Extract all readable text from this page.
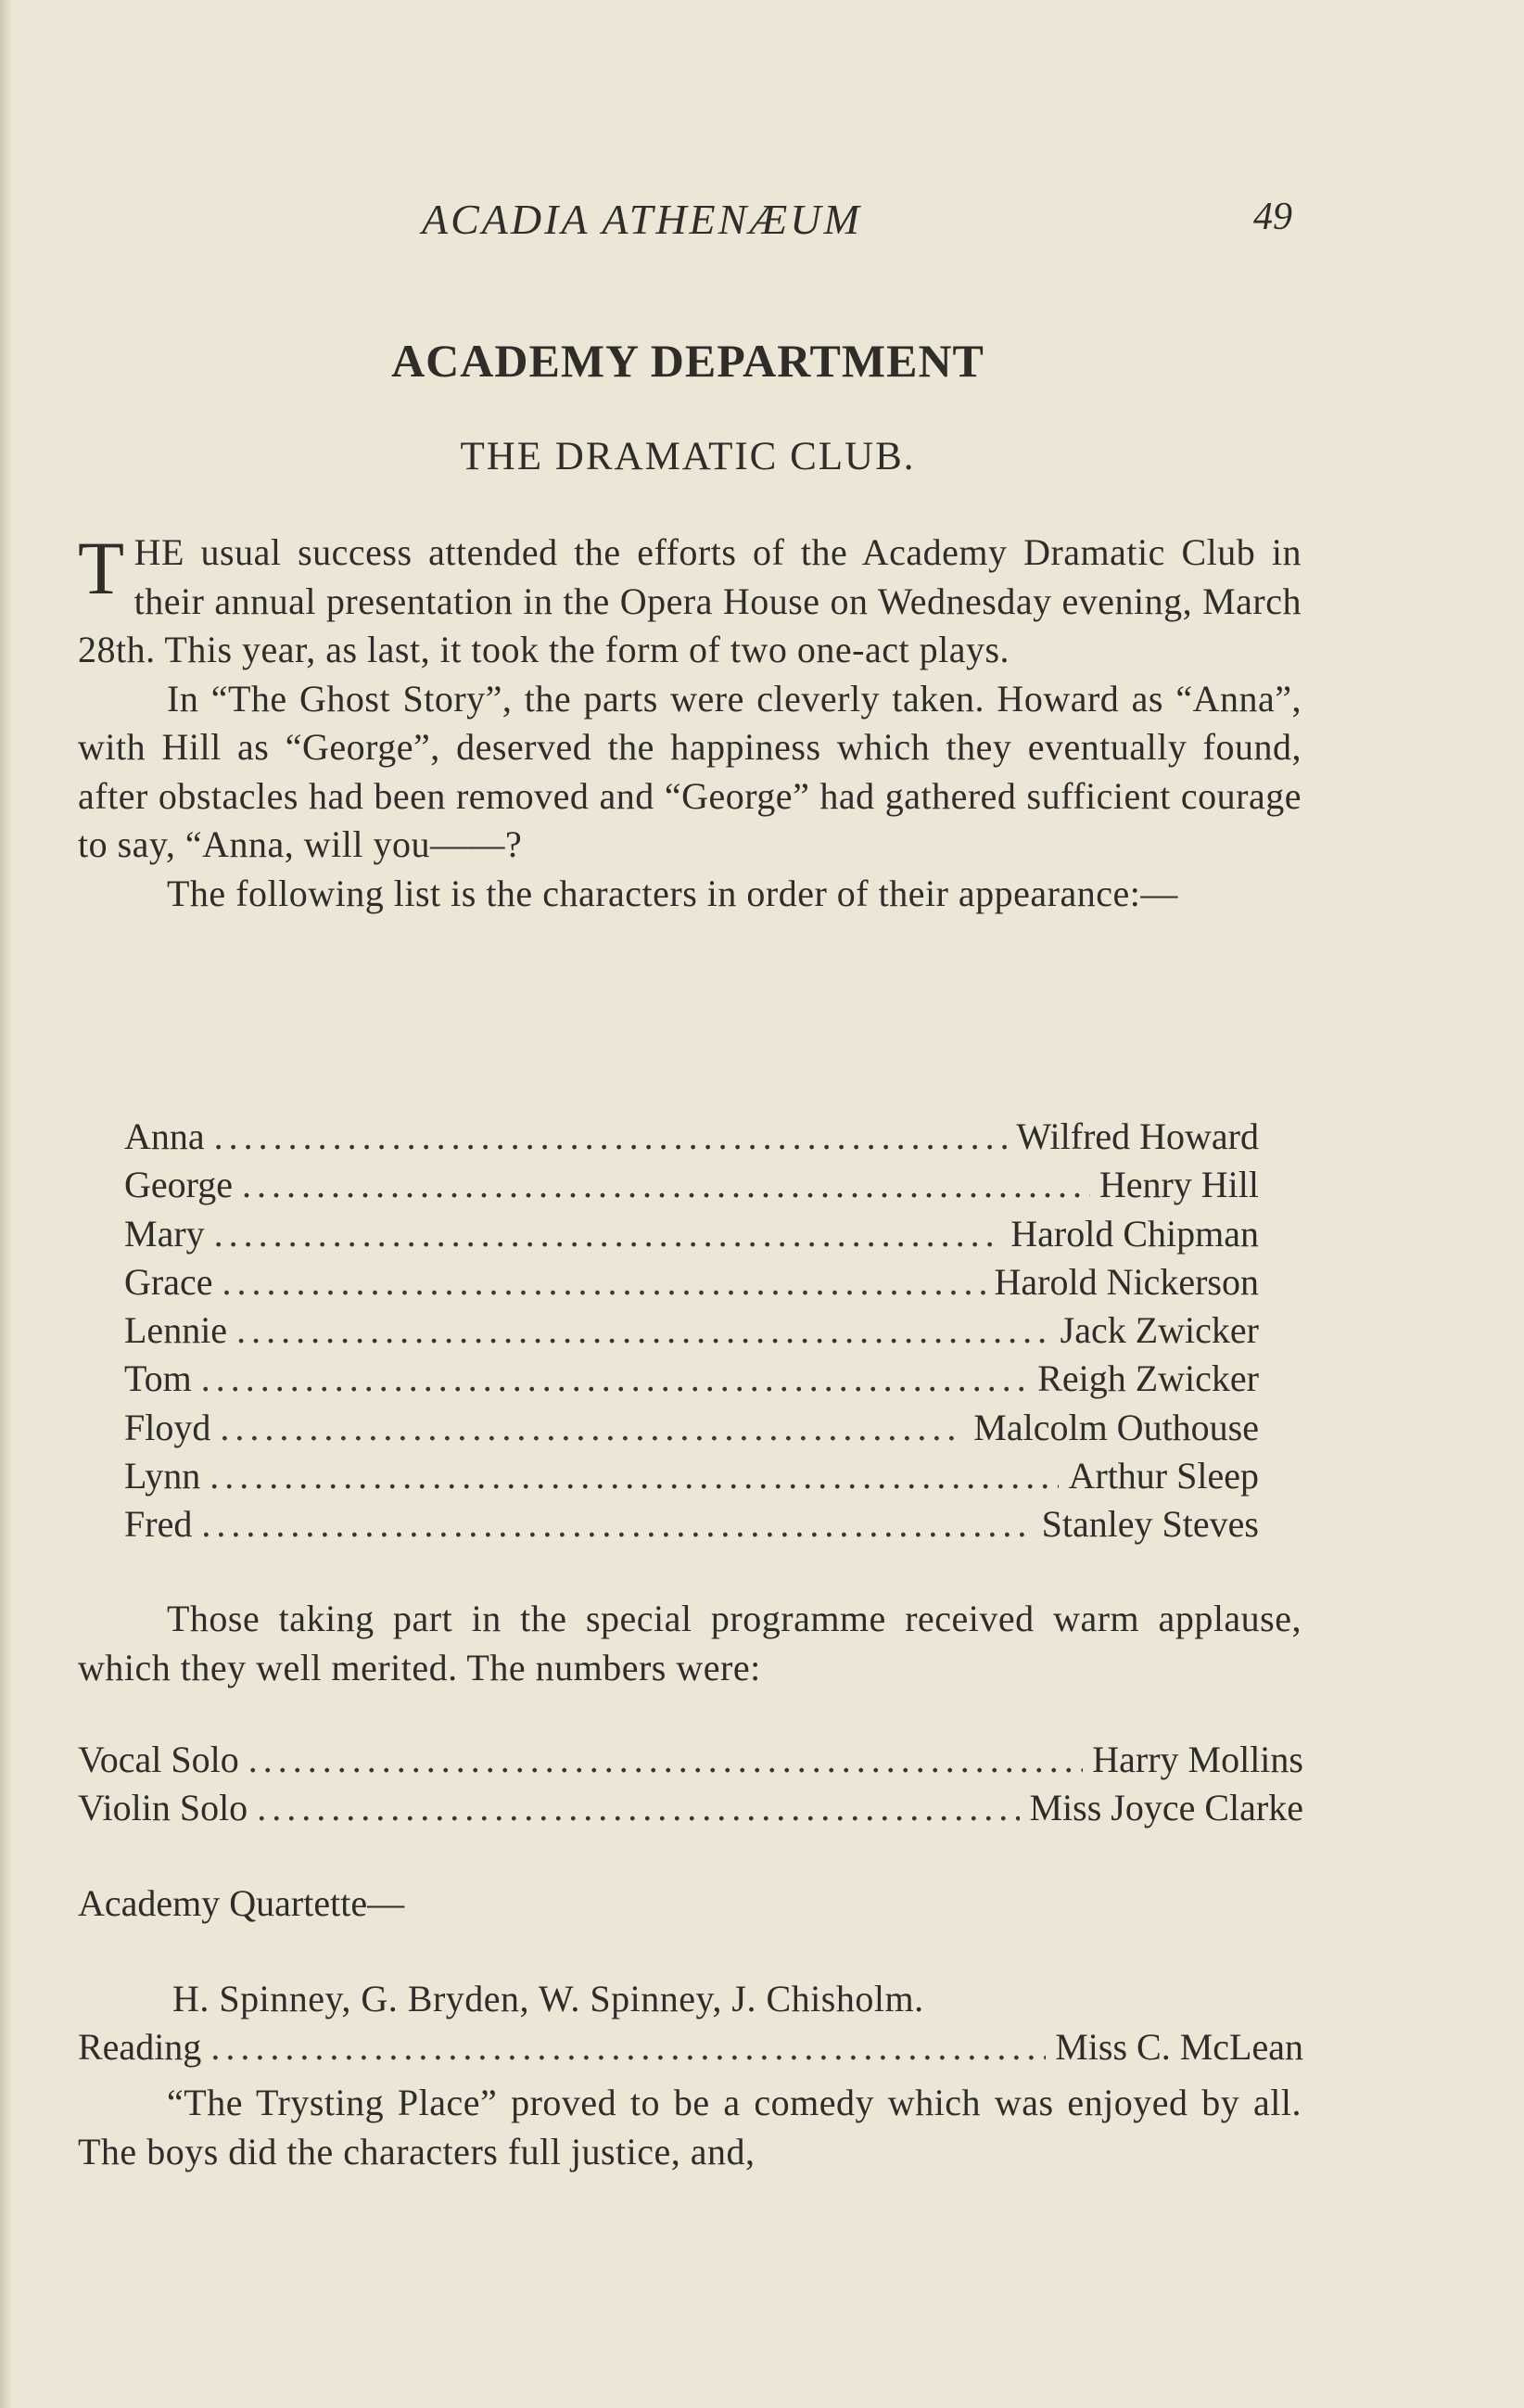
ACADIA ATHENÆUM	49
ACADEMY DEPARTMENT
THE DRAMATIC CLUB.

THE usual success attended the efforts of the Academy Dramatic Club in their annual presentation in the Opera House on Wednesday evening, March 28th. This year, as last, it took the form of two one-act plays.

In “The Ghost Story”, the parts were cleverly taken. Howard as “Anna”, with Hill as “George”, deserved the happiness which they eventually found, after obstacles had been removed and “George” had gathered sufficient courage to say, “Anna, will you——?

The following list is the characters in order of their appearance:—

Anna .....	Wilfred Howard
George .....	Henry Hill
Mary .....	Harold Chipman
Grace .....	Harold Nickerson
Lennie .....	Jack Zwicker
Tom .....	Reigh Zwicker
Floyd .....	Malcolm Outhouse
Lynn .....	Arthur Sleep
Fred .....	Stanley Steves

Those taking part in the special programme received warm applause, which they well merited. The numbers were:

Vocal Solo .....	Harry Mollins
Violin Solo .....	Miss Joyce Clarke
Academy Quartette—
H. Spinney, G. Bryden, W. Spinney, J. Chisholm.
Reading .....	Miss C. McLean

“The Trysting Place” proved to be a comedy which was enjoyed by all. The boys did the characters full justice, and,
